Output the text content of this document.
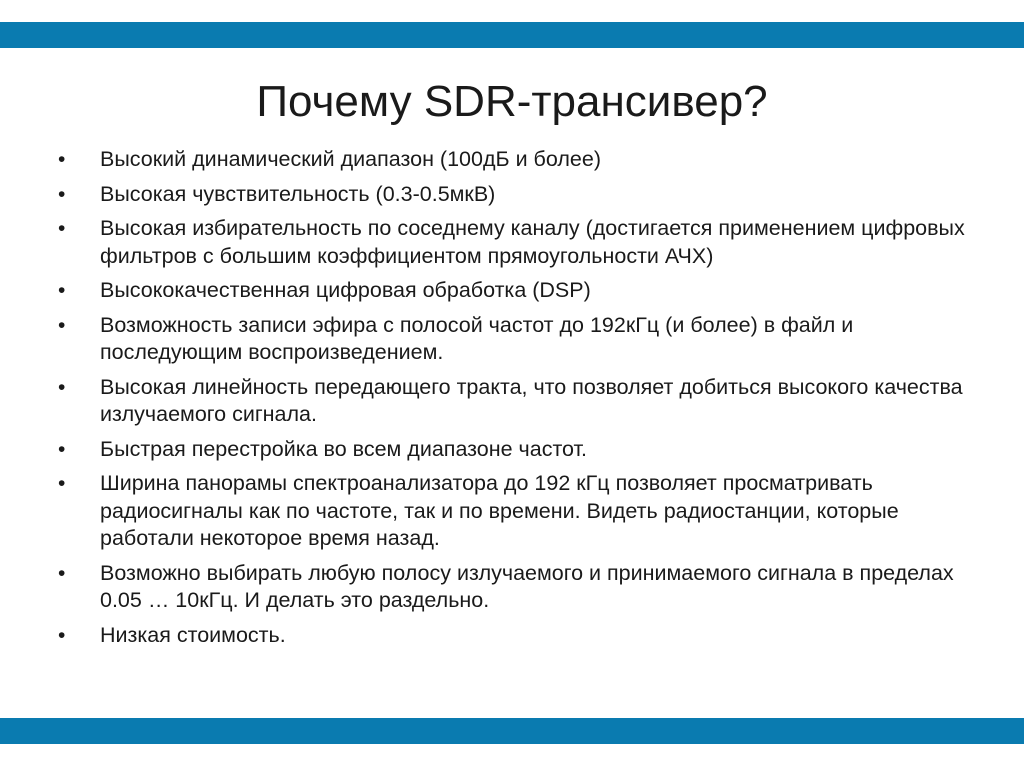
Почему SDR-трансивер?
• Высокий динамический диапазон (100дБ и более)
• Высокая чувствительность (0.3-0.5мкВ)
• Высокая избирательность по соседнему каналу (достигается применением цифровых фильтров с большим коэффициентом прямоугольности АЧХ)
• Высококачественная цифровая обработка (DSP)
• Возможность записи эфира с полосой частот до 192кГц (и более) в файл и последующим воспроизведением.
• Высокая линейность передающего тракта, что позволяет добиться высокого качества излучаемого сигнала.
• Быстрая перестройка во всем диапазоне частот.
• Ширина панорамы спектроанализатора до 192 кГц позволяет просматривать радиосигналы как по частоте, так и по времени. Видеть радиостанции, которые работали некоторое время назад.
• Возможно выбирать любую полосу излучаемого и принимаемого сигнала в пределах 0.05 … 10кГц. И делать это раздельно.
• Низкая стоимость.
